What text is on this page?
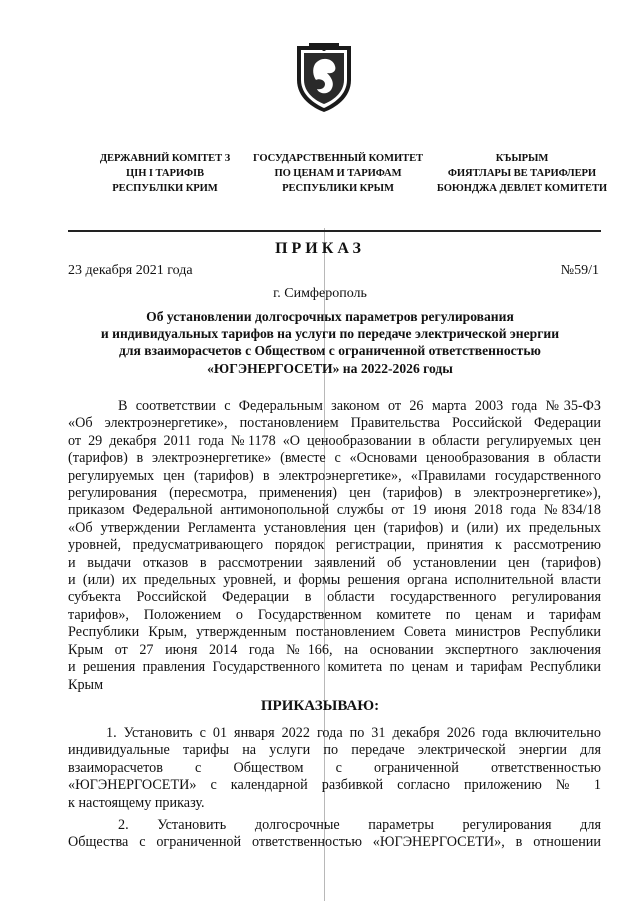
ДЕРЖАВНИЙ КОМІТЕТ З
ЦІН І ТАРИФІВ
РЕСПУБЛІКИ КРИМ
ГОСУДАРСТВЕННЫЙ КОМИТЕТ
ПО ЦЕНАМ И ТАРИФАМ
РЕСПУБЛИКИ КРЫМ
КЪЫРЫМ
ФИЯТЛАРЫ ВЕ ТАРИФЛЕРИ
БОЮНДЖА ДЕВЛЕТ КОМИТЕТИ
ПРИКАЗ
23 декабря 2021 года	№59/1
г. Симферополь
Об установлении долгосрочных параметров регулирования
и индивидуальных тарифов на услуги по передаче электрической энергии
для взаиморасчетов с Обществом с ограниченной ответственностью
«ЮГЭНЕРГОСЕТИ» на 2022-2026 годы
В соответствии с Федеральным законом от 26 марта 2003 года №35-ФЗ
«Об электроэнергетике», постановлением Правительства Российской Федерации
от 29 декабря 2011 года №1178 «О ценообразовании в области регулируемых цен
(тарифов) в электроэнергетике» (вместе с «Основами ценообразования в области
регулируемых цен (тарифов) в электроэнергетике», «Правилами государственного
регулирования (пересмотра, применения) цен (тарифов) в электроэнергетике»),
приказом Федеральной антимонопольной службы от 19 июня 2018 года №834/18
«Об утверждении Регламента установления цен (тарифов) и (или) их предельных
уровней, предусматривающего порядок регистрации, принятия к рассмотрению
и выдачи отказов в рассмотрении заявлений об установлении цен (тарифов)
и (или) их предельных уровней, и формы решения органа исполнительной власти
субъекта Российской Федерации в области государственного регулирования
тарифов», Положением о Государственном комитете по ценам и тарифам
Республики Крым, утвержденным постановлением Совета министров Республики
Крым от 27 июня 2014 года №166, на основании экспертного заключения
и решения правления Государственного комитета по ценам и тарифам Республики
Крым
ПРИКАЗЫВАЮ:
1. Установить с 01 января 2022 года по 31 декабря 2026 года включительно
индивидуальные тарифы на услуги по передаче электрической энергии для
взаиморасчетов с Обществом с ограниченной ответственностью
«ЮГЭНЕРГОСЕТИ» с календарной разбивкой согласно приложению № 1
к настоящему приказу.
2. Установить долгосрочные параметры регулирования для
Общества с ограниченной ответственностью «ЮГЭНЕРГОСЕТИ», в отношении
